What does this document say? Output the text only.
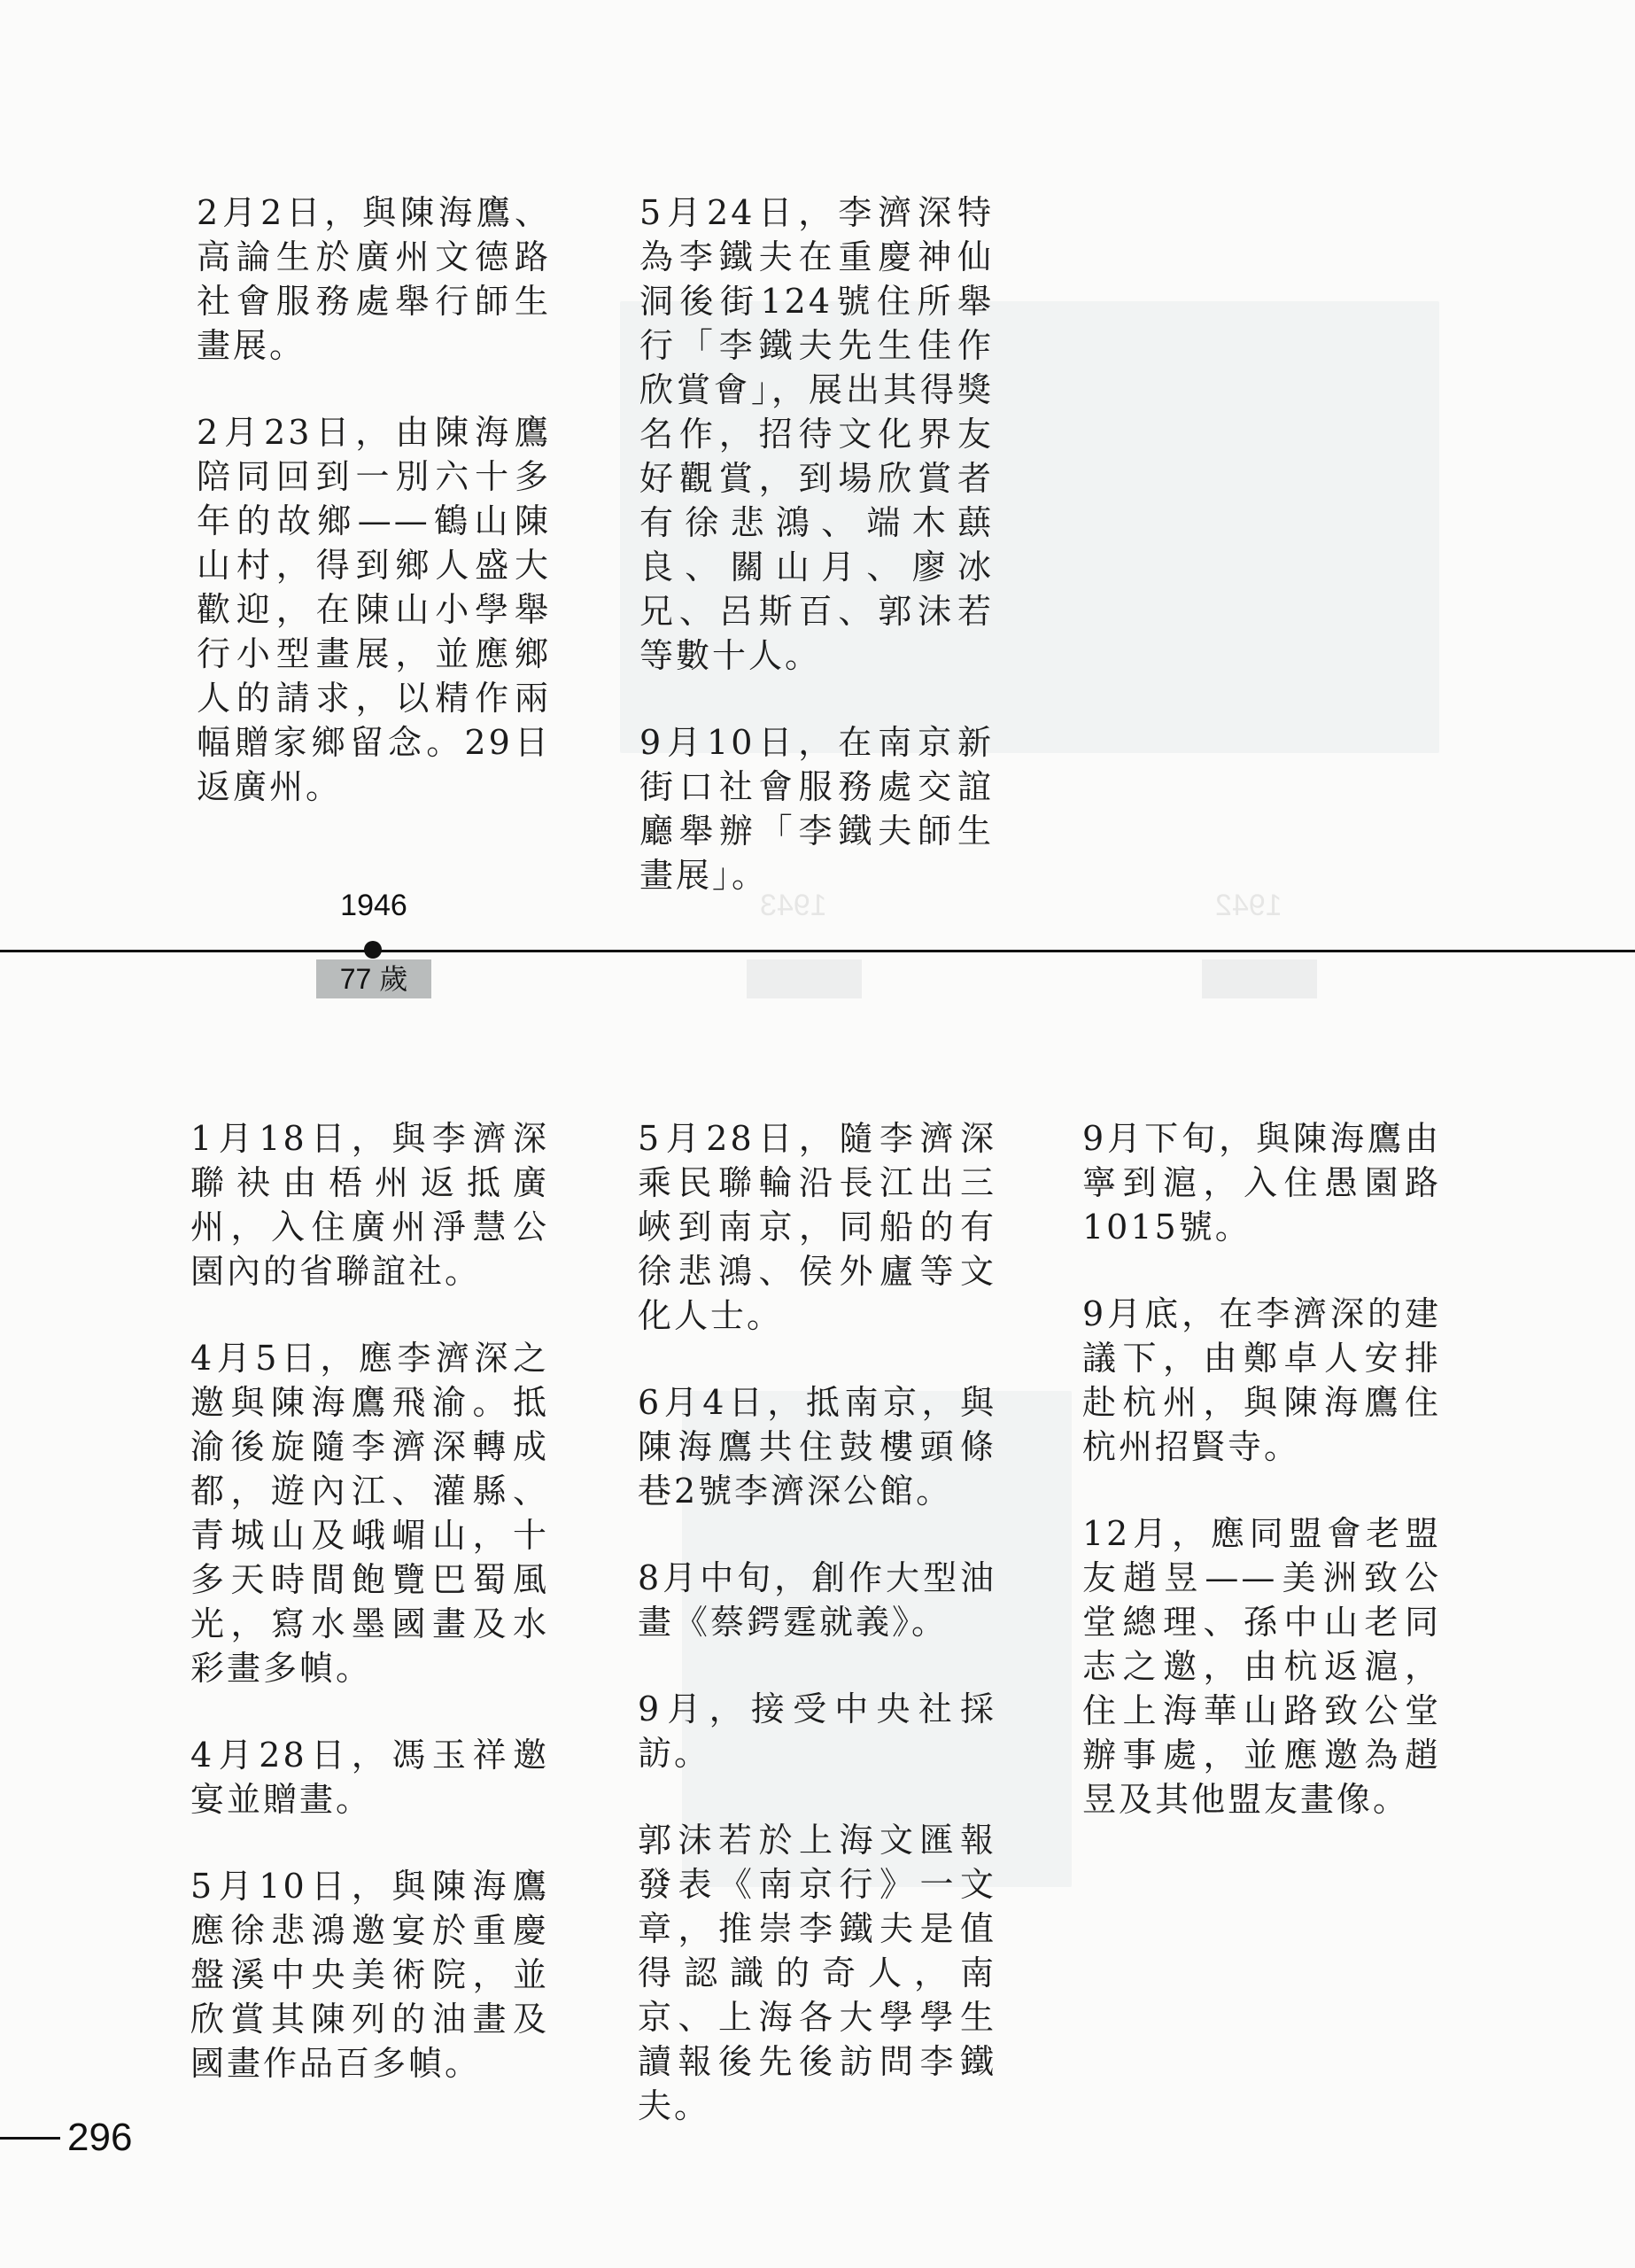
1943	1942

2月2日，與陳海鷹、高論生於廣州文德路社會服務處舉行師生畫展。

2月23日，由陳海鷹陪同回到一別六十多年的故鄉——鶴山陳山村，得到鄉人盛大歡迎，在陳山小學舉行小型畫展，並應鄉人的請求，以精作兩幅贈家鄉留念。29日返廣州。

5月24日，李濟深特為李鐵夫在重慶神仙洞後街124號住所舉行「李鐵夫先生佳作欣賞會」，展出其得獎名作，招待文化界友好觀賞，到場欣賞者有徐悲鴻、端木蕻良、關山月、廖冰兄、呂斯百、郭沫若等數十人。

9月10日，在南京新街口社會服務處交誼廳舉辦「李鐵夫師生畫展」。

1946
77 歲

1月18日，與李濟深聯袂由梧州返抵廣州，入住廣州淨慧公園內的省聯誼社。

4月5日，應李濟深之邀與陳海鷹飛渝。抵渝後旋隨李濟深轉成都，遊內江、灌縣、青城山及峨嵋山，十多天時間飽覽巴蜀風光，寫水墨國畫及水彩畫多幀。

4月28日，馮玉祥邀宴並贈畫。

5月10日，與陳海鷹應徐悲鴻邀宴於重慶盤溪中央美術院，並欣賞其陳列的油畫及國畫作品百多幀。

5月28日，隨李濟深乘民聯輪沿長江出三峽到南京，同船的有徐悲鴻、侯外廬等文化人士。

6月4日，抵南京，與陳海鷹共住鼓樓頭條巷2號李濟深公館。

8月中旬，創作大型油畫《蔡鍔霆就義》。

9月，接受中央社採訪。

郭沫若於上海文匯報發表《南京行》一文章，推崇李鐵夫是值得認識的奇人，南京、上海各大學學生讀報後先後訪問李鐵夫。

9月下旬，與陳海鷹由寧到滬，入住愚園路1015號。

9月底，在李濟深的建議下，由鄭卓人安排赴杭州，與陳海鷹住杭州招賢寺。

12月，應同盟會老盟友趙昱——美洲致公堂總理、孫中山老同志之邀，由杭返滬，住上海華山路致公堂辦事處，並應邀為趙昱及其他盟友畫像。

296
